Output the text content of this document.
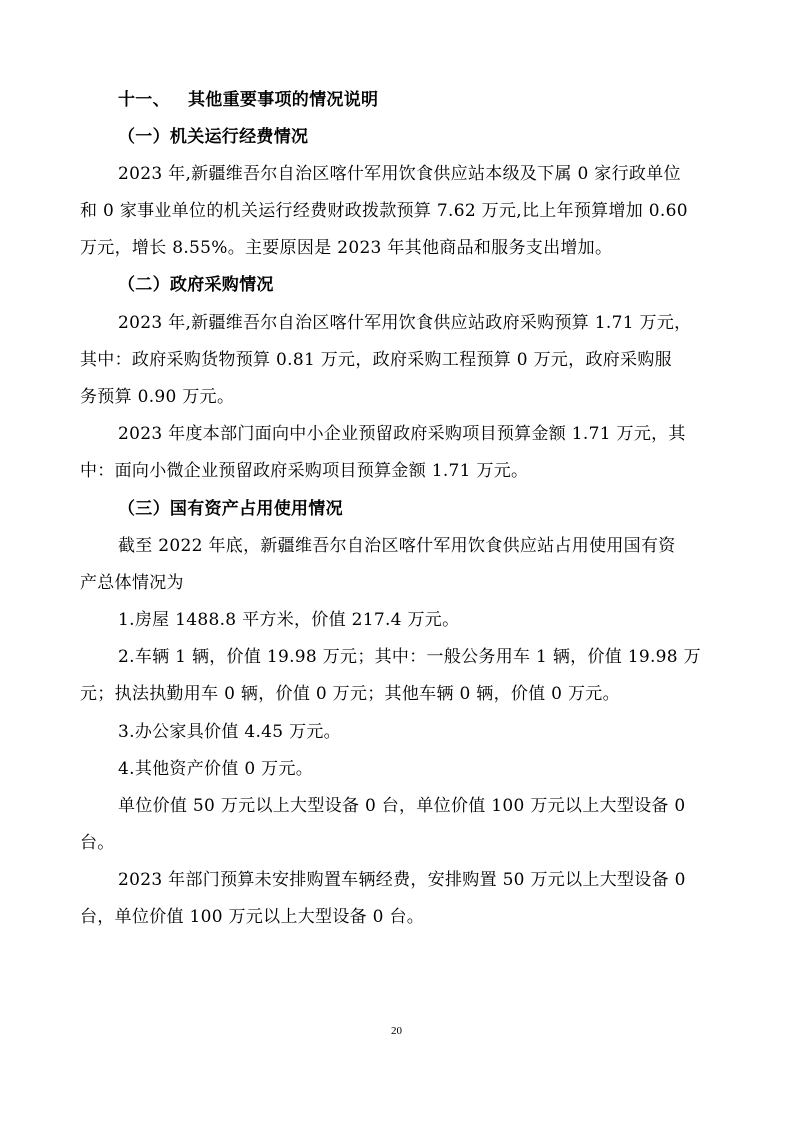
十一、 其他重要事项的情况说明
（一）机关运行经费情况
2023 年,新疆维吾尔自治区喀什军用饮食供应站本级及下属 0 家行政单位
和 0 家事业单位的机关运行经费财政拨款预算 7.62 万元,比上年预算增加 0.60
万元，增长 8.55%。主要原因是 2023 年其他商品和服务支出增加。
（二）政府采购情况
2023 年,新疆维吾尔自治区喀什军用饮食供应站政府采购预算 1.71 万元，
其中：政府采购货物预算 0.81 万元，政府采购工程预算 0 万元，政府采购服
务预算 0.90 万元。
2023 年度本部门面向中小企业预留政府采购项目预算金额 1.71 万元，其
中：面向小微企业预留政府采购项目预算金额 1.71 万元。
（三）国有资产占用使用情况
截至 2022 年底，新疆维吾尔自治区喀什军用饮食供应站占用使用国有资
产总体情况为
1.房屋 1488.8 平方米，价值 217.4 万元。
2.车辆 1 辆，价值 19.98 万元；其中：一般公务用车 1 辆，价值 19.98 万
元；执法执勤用车 0 辆，价值 0 万元；其他车辆 0 辆，价值 0 万元。
3.办公家具价值 4.45 万元。
4.其他资产价值 0 万元。
单位价值 50 万元以上大型设备 0 台，单位价值 100 万元以上大型设备 0
台。
2023 年部门预算未安排购置车辆经费，安排购置 50 万元以上大型设备 0
台，单位价值 100 万元以上大型设备 0 台。
20
